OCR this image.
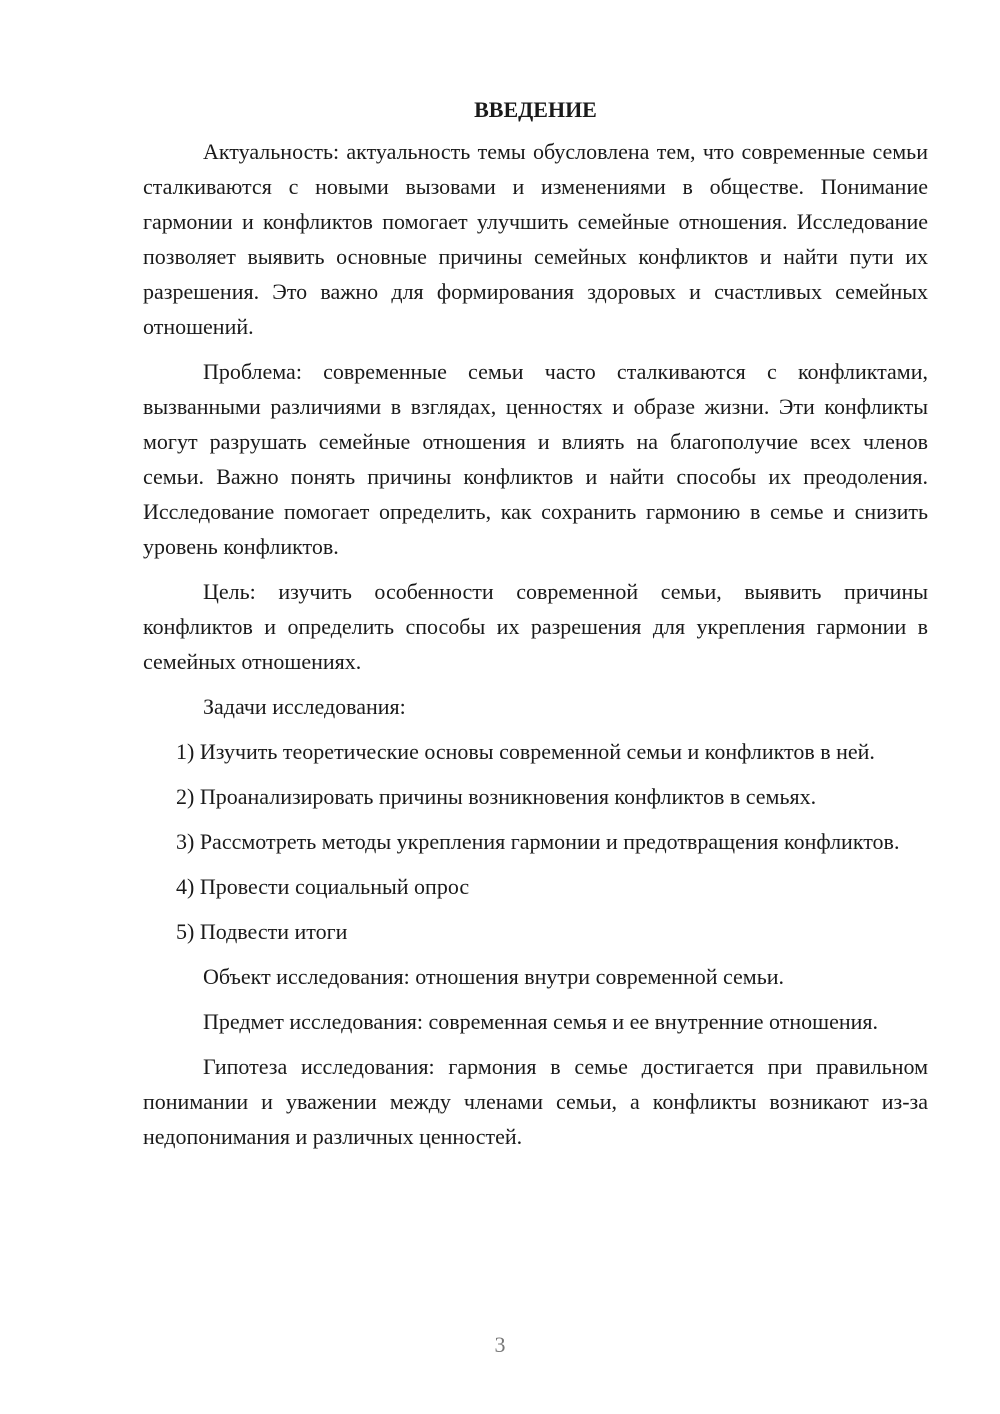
ВВЕДЕНИЕ

Актуальность: актуальность темы обусловлена тем, что современные семьи сталкиваются с новыми вызовами и изменениями в обществе. Понимание гармонии и конфликтов помогает улучшить семейные отношения. Исследование позволяет выявить основные причины семейных конфликтов и найти пути их разрешения. Это важно для формирования здоровых и счастливых семейных отношений.

Проблема: современные семьи часто сталкиваются с конфликтами, вызванными различиями в взглядах, ценностях и образе жизни. Эти конфликты могут разрушать семейные отношения и влиять на благополучие всех членов семьи. Важно понять причины конфликтов и найти способы их преодоления. Исследование помогает определить, как сохранить гармонию в семье и снизить уровень конфликтов.

Цель: изучить особенности современной семьи, выявить причины конфликтов и определить способы их разрешения для укрепления гармонии в семейных отношениях.

Задачи исследования:

1) Изучить теоретические основы современной семьи и конфликтов в ней.

2) Проанализировать причины возникновения конфликтов в семьях.

3) Рассмотреть методы укрепления гармонии и предотвращения конфликтов.

4) Провести социальный опрос

5) Подвести итоги

Объект исследования: отношения внутри современной семьи.

Предмет исследования: современная семья и ее внутренние отношения.

Гипотеза исследования: гармония в семье достигается при правильном понимании и уважении между членами семьи, а конфликты возникают из-за недопонимания и различных ценностей.

3
